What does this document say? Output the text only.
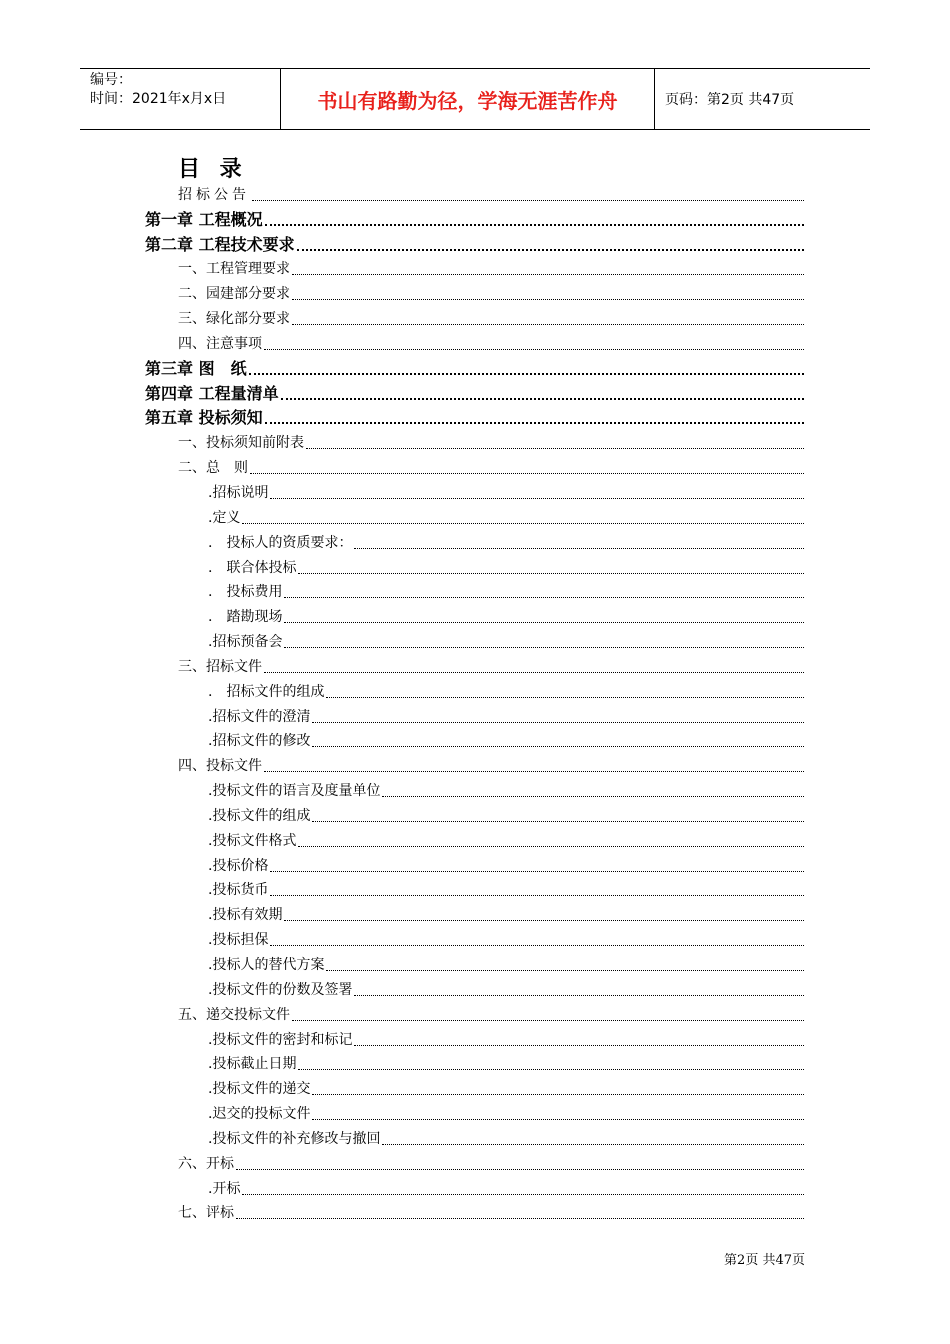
编号：
时间：2021年x月x日	书山有路勤为径，学海无涯苦作舟	页码：第2页 共47页
目 录
招标公告
第一章 工程概况
第二章 工程技术要求
一、工程管理要求
二、园建部分要求
三、绿化部分要求
四、注意事项
第三章 图　纸
第四章 工程量清单
第五章 投标须知
一、投标须知前附表
二、总　则
.招标说明
.定义
.　投标人的资质要求：
.　联合体投标
.　投标费用
.　踏勘现场
.招标预备会
三、招标文件
.　招标文件的组成
.招标文件的澄清
.招标文件的修改
四、投标文件
.投标文件的语言及度量单位
.投标文件的组成
.投标文件格式
.投标价格
.投标货币
.投标有效期
.投标担保
.投标人的替代方案
.投标文件的份数及签署
五、递交投标文件
.投标文件的密封和标记
.投标截止日期
.投标文件的递交
.迟交的投标文件
.投标文件的补充修改与撤回
六、开标
.开标
七、评标
第2页 共47页
